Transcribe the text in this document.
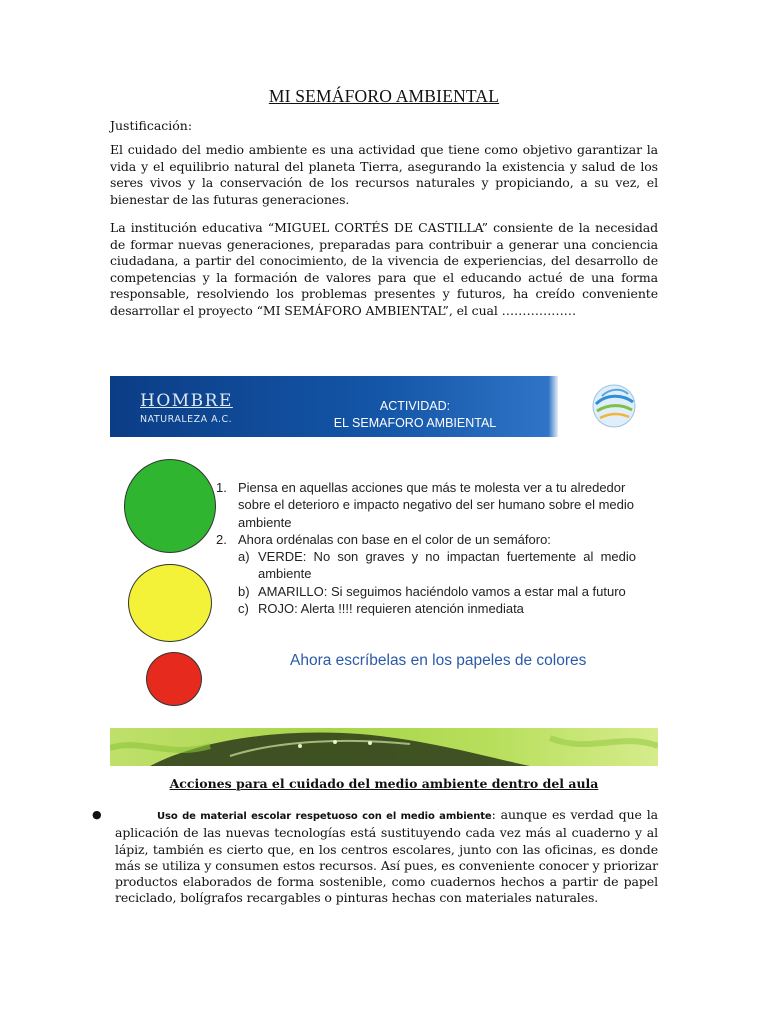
MI SEMÁFORO AMBIENTAL
Justificación:

El cuidado del medio ambiente es una actividad que tiene como objetivo garantizar la vida y el equilibrio natural del planeta Tierra, asegurando la existencia y salud de los seres vivos y la conservación de los recursos naturales y propiciando, a su vez, el bienestar de las futuras generaciones.

La institución educativa “MIGUEL CORTÉS DE CASTILLA” consiente de la necesidad de formar nuevas generaciones, preparadas para contribuir a generar una conciencia ciudadana, a partir del conocimiento, de la vivencia de experiencias, del desarrollo de competencias y la formación de valores para que el educando actué de una forma responsable, resolviendo los problemas presentes y futuros, ha creído conveniente desarrollar el proyecto “MI SEMÁFORO AMBIENTAL”, el cual ………………

HOMBRE
NATURALEZA A.C.
ACTIVIDAD:
EL SEMAFORO AMBIENTAL
1. Piensa en aquellas acciones que más te molesta ver a tu alrededor sobre el deterioro e impacto negativo del ser humano sobre el medio ambiente
2. Ahora ordénalas con base en el color de un semáforo:
a) VERDE: No son graves y no impactan fuertemente al medio ambiente
b) AMARILLO: Si seguimos haciéndolo vamos a estar mal a futuro
c) ROJO: Alerta !!!! requieren atención inmediata
Ahora escríbelas en los papeles de colores
Acciones para el cuidado del medio ambiente dentro del aula
●	Uso de material escolar respetuoso con el medio ambiente: aunque es verdad que la aplicación de las nuevas tecnologías está sustituyendo cada vez más al cuaderno y al lápiz, también es cierto que, en los centros escolares, junto con las oficinas, es donde más se utiliza y consumen estos recursos. Así pues, es conveniente conocer y priorizar productos elaborados de forma sostenible, como cuadernos hechos a partir de papel reciclado, bolígrafos recargables o pinturas hechas con materiales naturales.
